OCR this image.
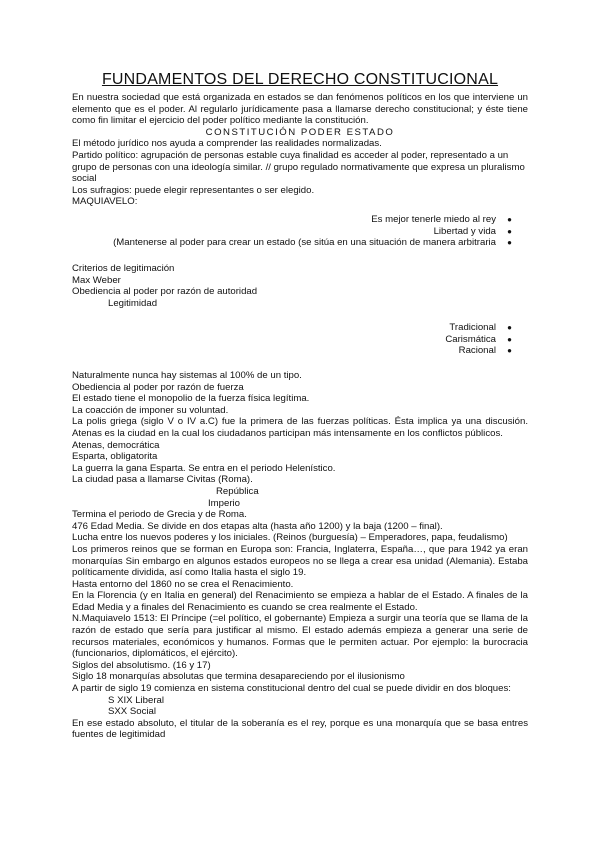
FUNDAMENTOS DEL DERECHO CONSTITUCIONAL

En nuestra sociedad que está organizada en estados se dan fenómenos políticos en los que interviene un elemento que es el poder. Al regularlo jurídicamente pasa a llamarse derecho constitucional; y éste tiene como fin limitar el ejercicio del poder político mediante la constitución.

CONSTITUCIÓN PODER ESTADO

El método jurídico nos ayuda a comprender las realidades normalizadas.

Partido político: agrupación de personas estable cuya finalidad es acceder al poder, representado a un grupo de personas con una ideología similar. // grupo regulado normativamente que expresa un pluralismo social

Los sufragios: puede elegir representantes o ser elegido.

MAQUIAVELO:

Es mejor tenerle miedo al rey	●
Libertad y vida	●
(Mantenerse al poder para crear un estado (se sitúa en una situación de manera arbitraria	●

Criterios de legitimación

Max Weber

Obediencia al poder por razón de autoridad

Legitimidad

Tradicional	●
Carismática	●
Racional	●

Naturalmente nunca hay sistemas al 100% de un tipo.

Obediencia al poder por razón de fuerza

El estado tiene el monopolio de la fuerza física legítima.

La coacción de imponer su voluntad.

La polis griega (siglo V o IV a.C) fue la primera de las fuerzas políticas. Ésta implica ya una discusión. Atenas es la ciudad en la cual los ciudadanos participan más intensamente en los conflictos públicos.

Atenas, democrática

Esparta, obligatorita

La guerra la gana Esparta. Se entra en el periodo Helenístico.

La ciudad pasa a llamarse Civitas (Roma).

República

Imperio

Termina el periodo de Grecia y de Roma.

476 Edad Media. Se divide en dos etapas alta (hasta año 1200) y la baja (1200 – final).

Lucha entre los nuevos poderes y los iniciales. (Reinos (burguesía) – Emperadores, papa, feudalismo)

Los primeros reinos que se forman en Europa son: Francia, Inglaterra, España…, que para 1942 ya eran monarquías Sin embargo en algunos estados europeos no se llega a crear esa unidad (Alemania). Estaba políticamente dividida, así como Italia hasta el siglo 19.

Hasta entorno del 1860 no se crea el Renacimiento.

En la Florencia (y en Italia en general) del Renacimiento se empieza a hablar de el Estado. A finales de la Edad Media y a finales del Renacimiento es cuando se crea realmente el Estado.

N.Maquiavelo 1513: El Príncipe (=el político, el gobernante) Empieza a surgir una teoría que se llama de la razón de estado que sería para justificar al mismo. El estado además empieza a generar una serie de recursos materiales, económicos y humanos. Formas que le permiten actuar. Por ejemplo: la burocracia (funcionarios, diplomáticos, el ejército).

Siglos del absolutismo. (16 y 17)

Siglo 18 monarquías absolutas que termina desapareciendo por el ilusionismo

A partir de siglo 19 comienza en sistema constitucional dentro del cual se puede dividir en dos bloques:

S XIX Liberal

SXX Social

En ese estado absoluto, el titular de la soberanía es el rey, porque es una monarquía que se basa entres fuentes de legitimidad
